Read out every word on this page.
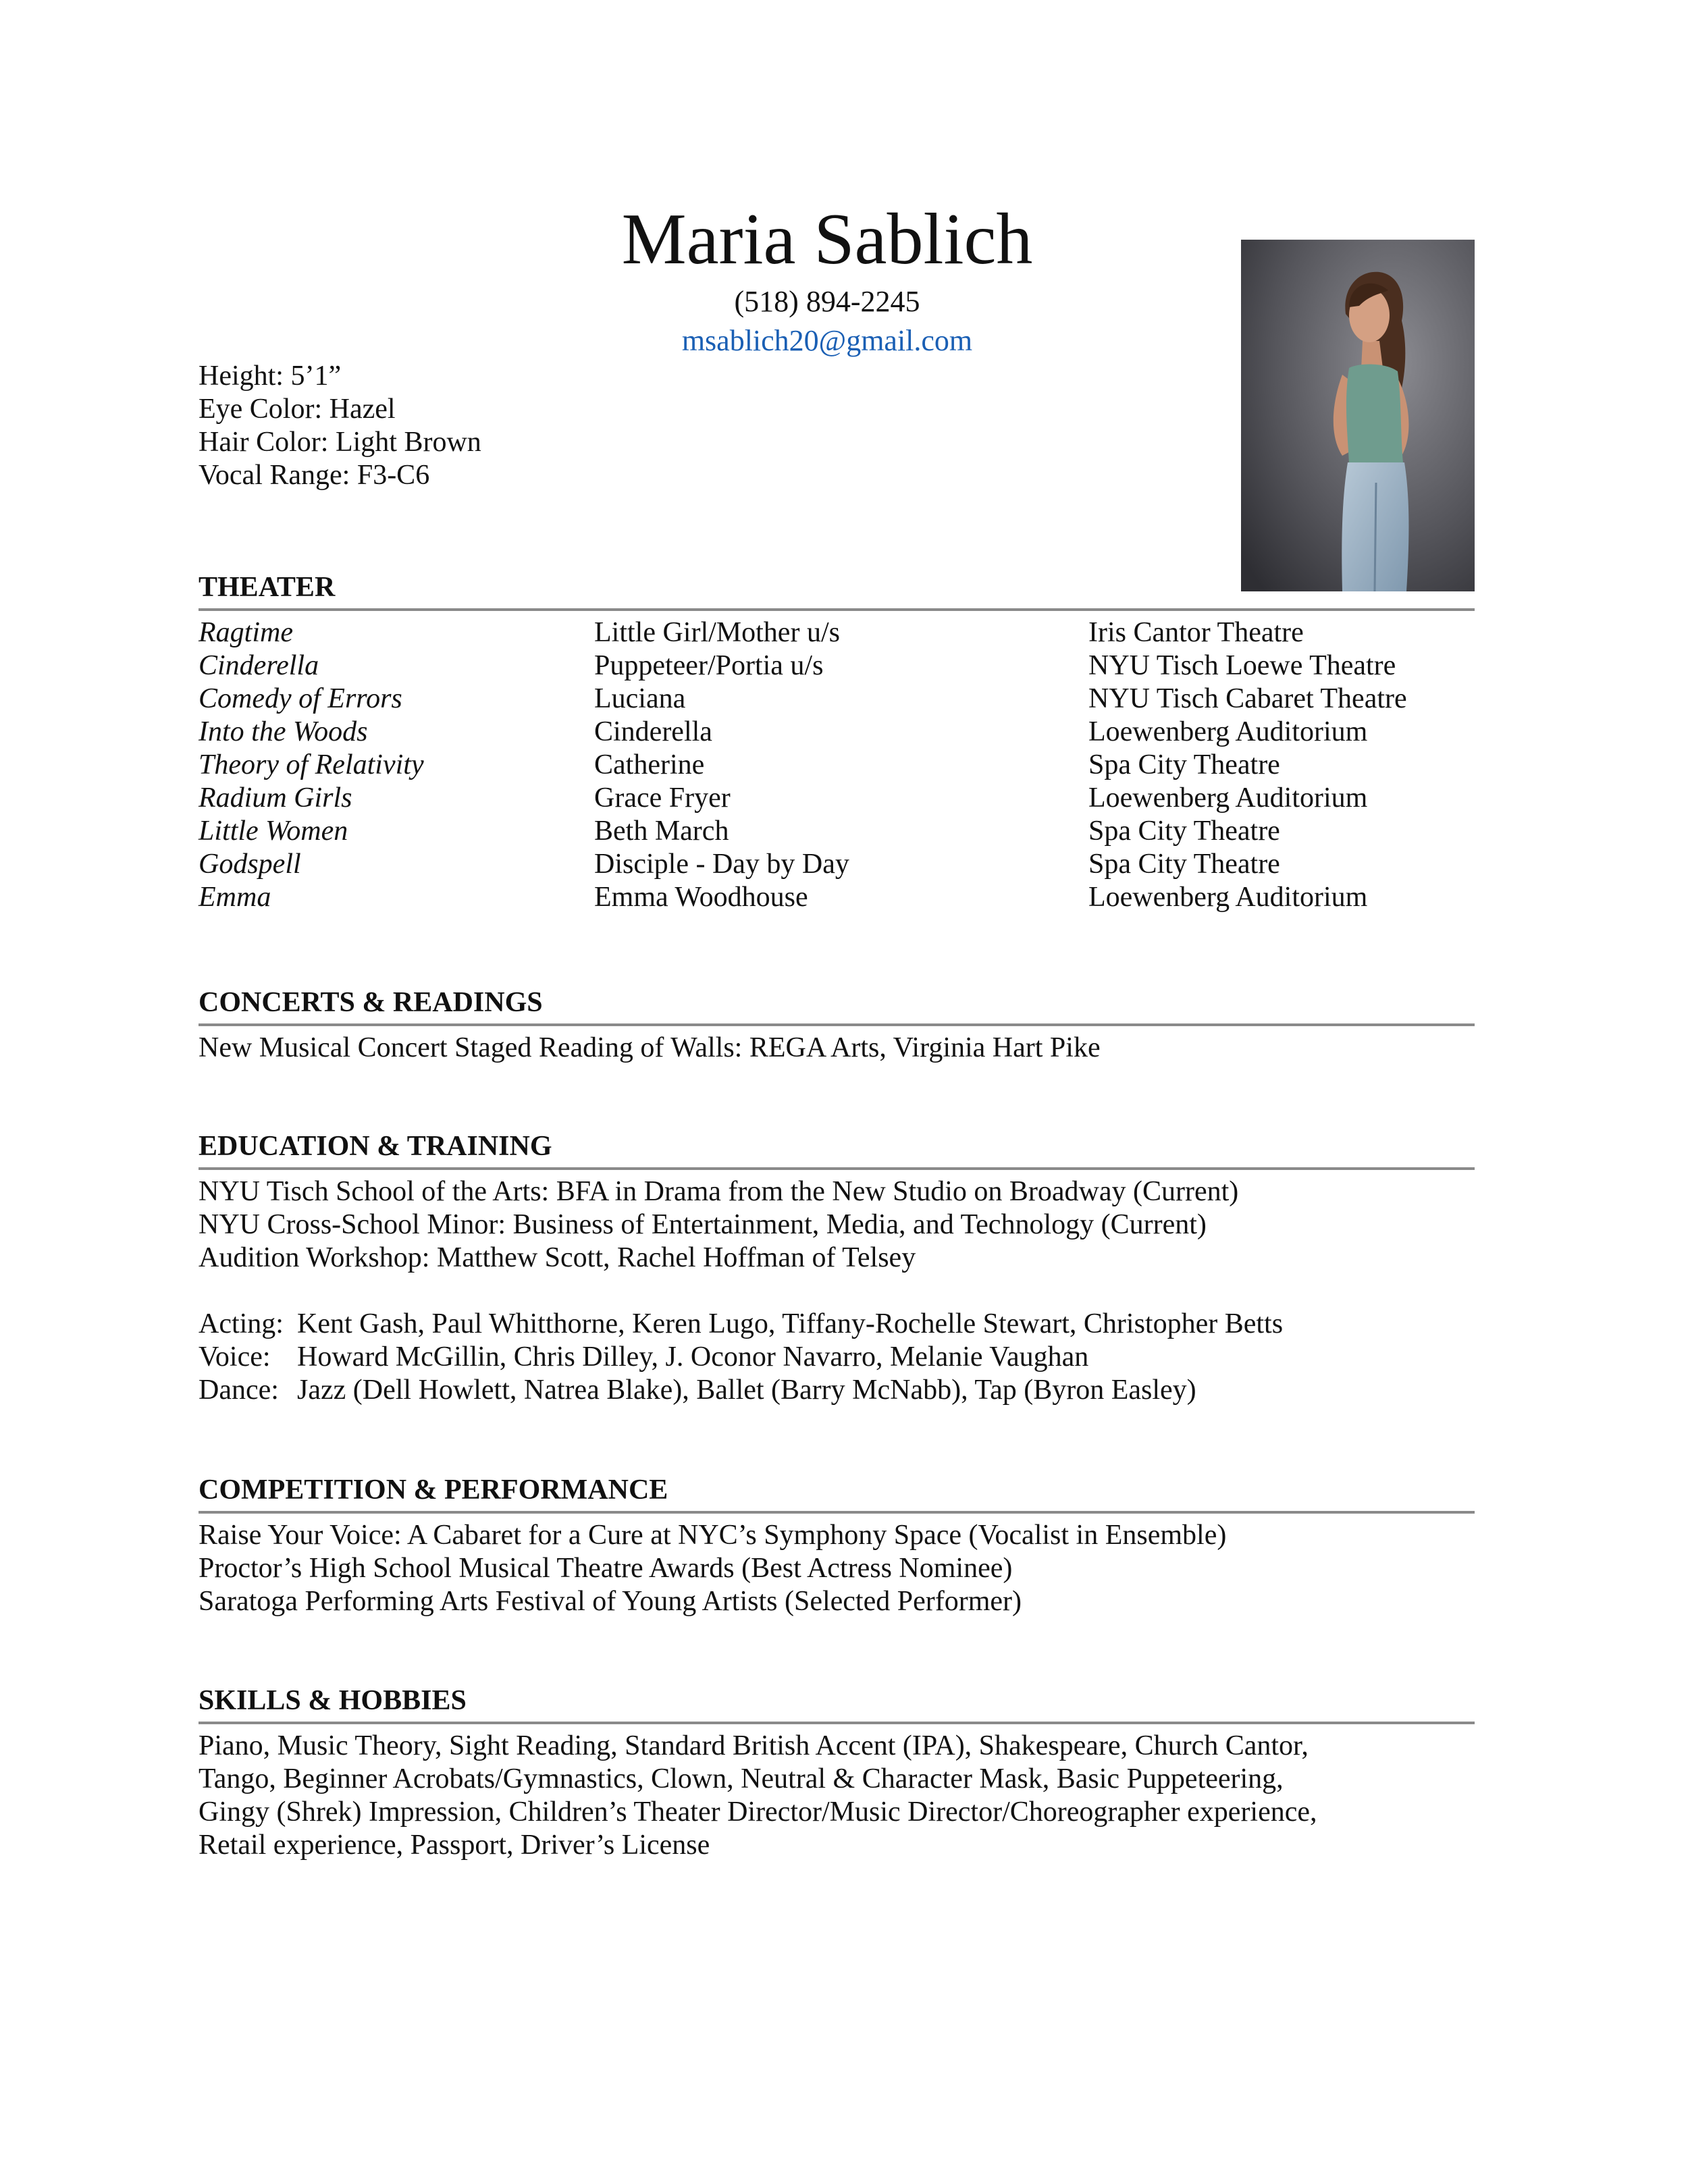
Maria Sablich
(518) 894-2245
msablich20@gmail.com
Height: 5’1”
Eye Color: Hazel
Hair Color: Light Brown
Vocal Range: F3-C6
THEATER
Ragtime	Little Girl/Mother u/s	Iris Cantor Theatre
Cinderella	Puppeteer/Portia u/s	NYU Tisch Loewe Theatre
Comedy of Errors	Luciana	NYU Tisch Cabaret Theatre
Into the Woods	Cinderella	Loewenberg Auditorium
Theory of Relativity	Catherine	Spa City Theatre
Radium Girls	Grace Fryer	Loewenberg Auditorium
Little Women	Beth March	Spa City Theatre
Godspell	Disciple - Day by Day	Spa City Theatre
Emma	Emma Woodhouse	Loewenberg Auditorium
CONCERTS & READINGS
New Musical Concert Staged Reading of Walls: REGA Arts, Virginia Hart Pike
EDUCATION & TRAINING
NYU Tisch School of the Arts: BFA in Drama from the New Studio on Broadway (Current)
NYU Cross-School Minor: Business of Entertainment, Media, and Technology (Current)
Audition Workshop: Matthew Scott, Rachel Hoffman of Telsey
Acting: Kent Gash, Paul Whitthorne, Keren Lugo, Tiffany-Rochelle Stewart, Christopher Betts
Voice: Howard McGillin, Chris Dilley, J. Oconor Navarro, Melanie Vaughan
Dance: Jazz (Dell Howlett, Natrea Blake), Ballet (Barry McNabb), Tap (Byron Easley)
COMPETITION & PERFORMANCE
Raise Your Voice: A Cabaret for a Cure at NYC’s Symphony Space (Vocalist in Ensemble)
Proctor’s High School Musical Theatre Awards (Best Actress Nominee)
Saratoga Performing Arts Festival of Young Artists (Selected Performer)
SKILLS & HOBBIES
Piano, Music Theory, Sight Reading, Standard British Accent (IPA), Shakespeare, Church Cantor,
Tango, Beginner Acrobats/Gymnastics, Clown, Neutral & Character Mask, Basic Puppeteering,
Gingy (Shrek) Impression, Children’s Theater Director/Music Director/Choreographer experience,
Retail experience, Passport, Driver’s License
